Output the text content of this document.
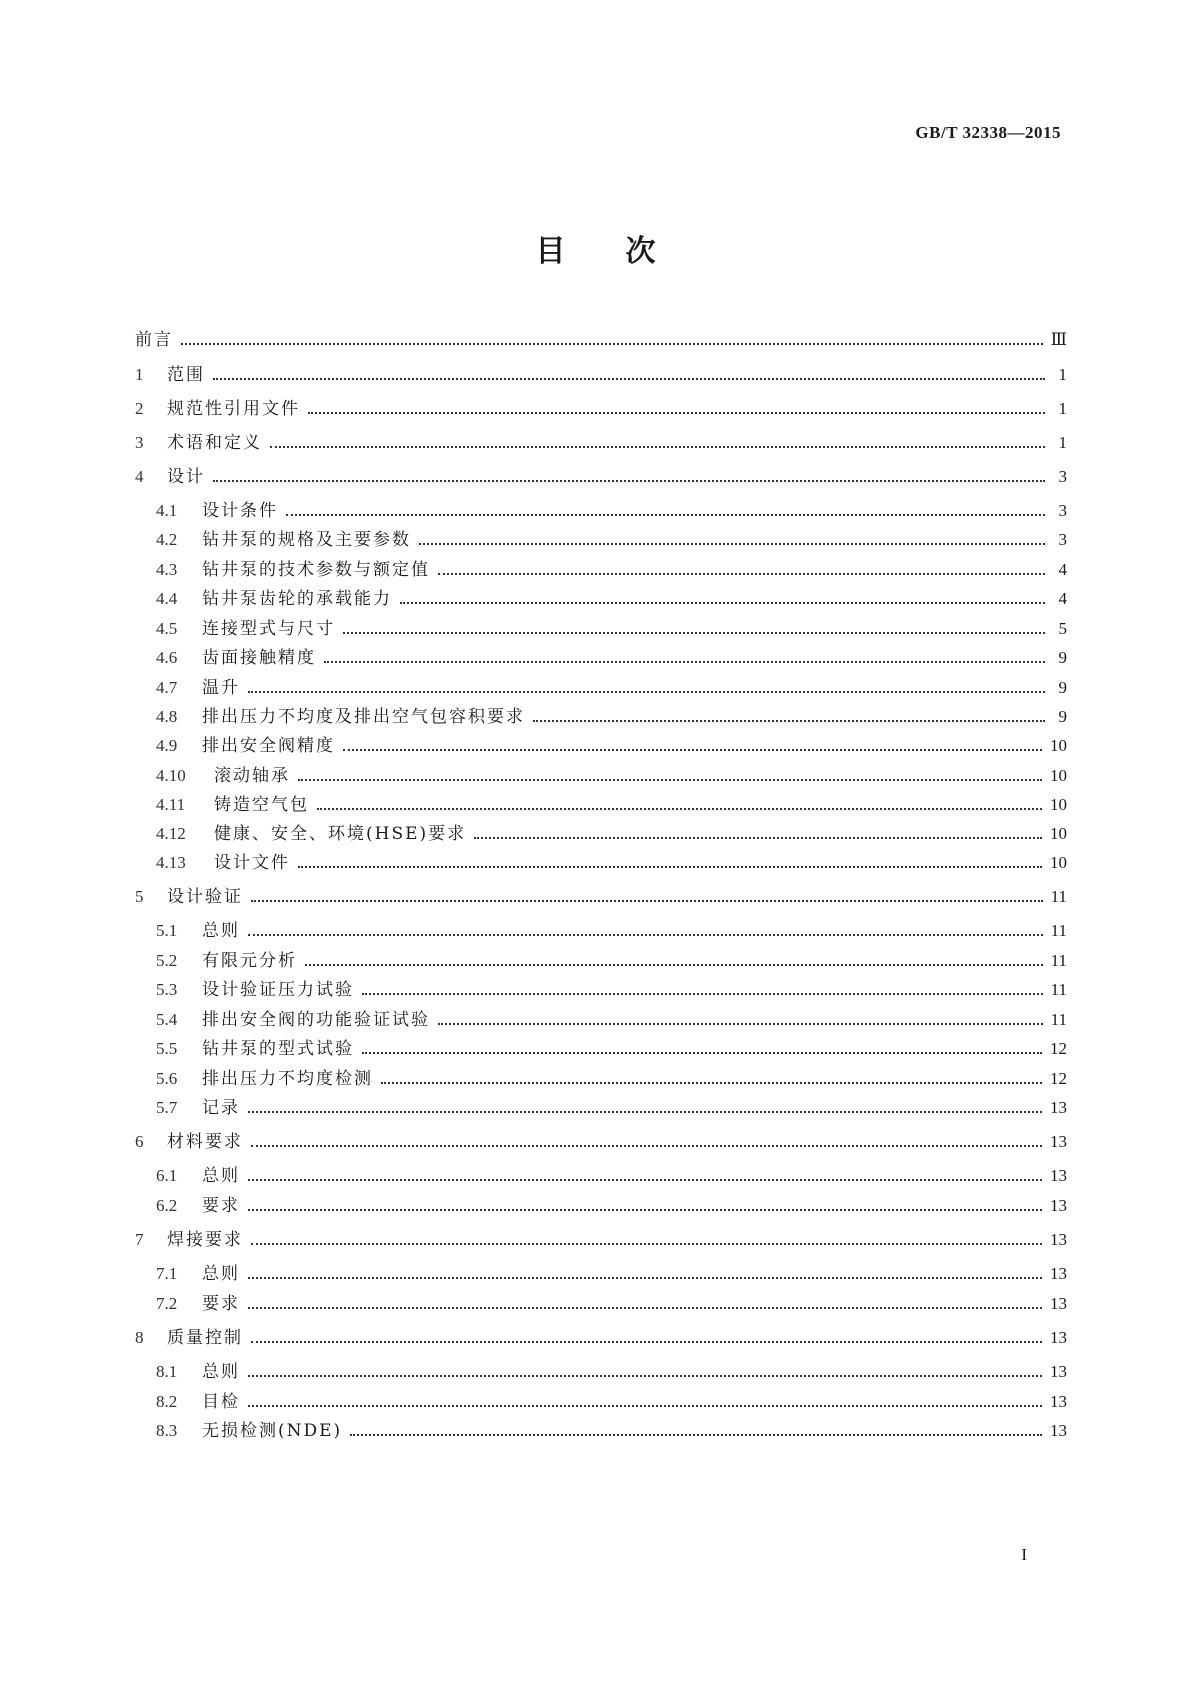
GB/T 32338—2015
目次
前言	Ⅲ
1	范围	1
2	规范性引用文件	1
3	术语和定义	1
4	设计	3
4.1	设计条件	3
4.2	钻井泵的规格及主要参数	3
4.3	钻井泵的技术参数与额定值	4
4.4	钻井泵齿轮的承载能力	4
4.5	连接型式与尺寸	5
4.6	齿面接触精度	9
4.7	温升	9
4.8	排出压力不均度及排出空气包容积要求	9
4.9	排出安全阀精度	10
4.10	滚动轴承	10
4.11	铸造空气包	10
4.12	健康、安全、环境(HSE)要求	10
4.13	设计文件	10
5	设计验证	11
5.1	总则	11
5.2	有限元分析	11
5.3	设计验证压力试验	11
5.4	排出安全阀的功能验证试验	11
5.5	钻井泵的型式试验	12
5.6	排出压力不均度检测	12
5.7	记录	13
6	材料要求	13
6.1	总则	13
6.2	要求	13
7	焊接要求	13
7.1	总则	13
7.2	要求	13
8	质量控制	13
8.1	总则	13
8.2	目检	13
8.3	无损检测(NDE)	13
I
